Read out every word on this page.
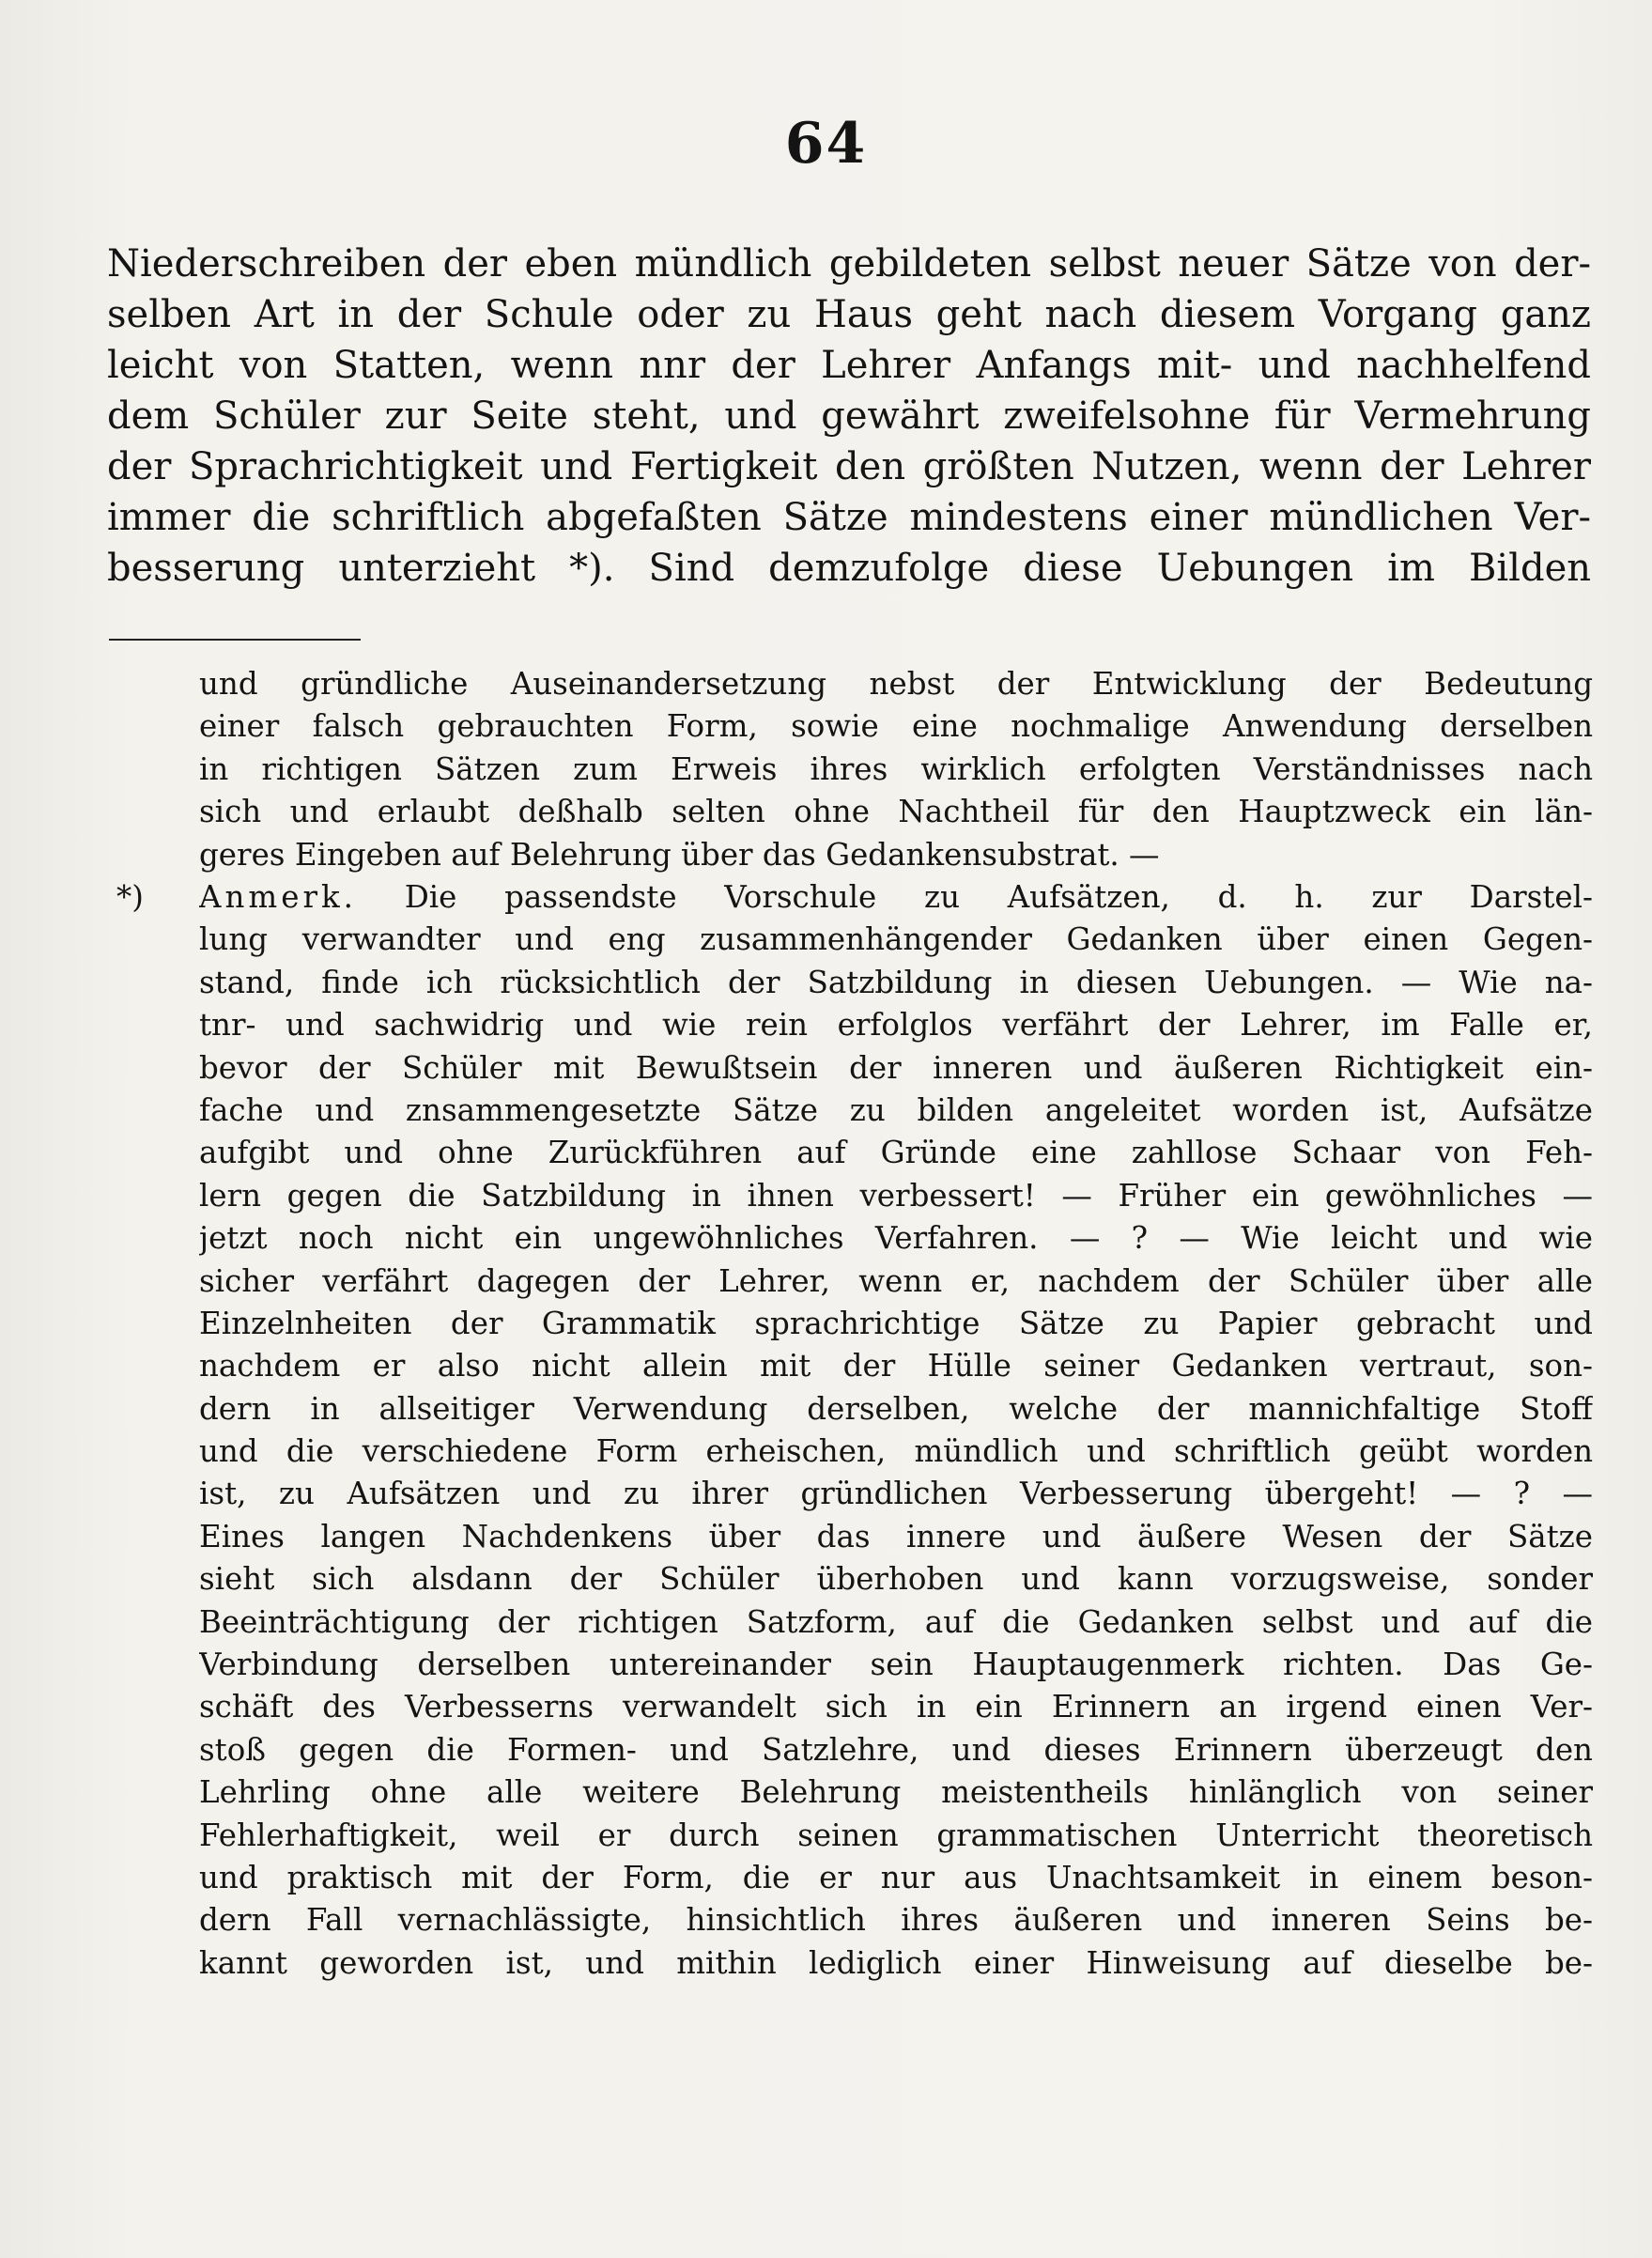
64
Niederschreiben der eben mündlich gebildeten selbst neuer Sätze von der-
selben Art in der Schule oder zu Haus geht nach diesem Vorgang ganz
leicht von Statten, wenn nnr der Lehrer Anfangs mit- und nachhelfend
dem Schüler zur Seite steht, und gewährt zweifelsohne für Vermehrung
der Sprachrichtigkeit und Fertigkeit den größten Nutzen, wenn der Lehrer
immer die schriftlich abgefaßten Sätze mindestens einer mündlichen Ver-
besserung unterzieht *). Sind demzufolge diese Uebungen im Bilden
und gründliche Auseinandersetzung nebst der Entwicklung der Bedeutung
einer falsch gebrauchten Form, sowie eine nochmalige Anwendung derselben
in richtigen Sätzen zum Erweis ihres wirklich erfolgten Verständnisses nach
sich und erlaubt deßhalb selten ohne Nachtheil für den Hauptzweck ein län-
geres Eingeben auf Belehrung über das Gedankensubstrat. —
*) Anmerk. Die passendste Vorschule zu Aufsätzen, d. h. zur Darstel-
lung verwandter und eng zusammenhängender Gedanken über einen Gegen-
stand, finde ich rücksichtlich der Satzbildung in diesen Uebungen. — Wie na-
tnr- und sachwidrig und wie rein erfolglos verfährt der Lehrer, im Falle er,
bevor der Schüler mit Bewußtsein der inneren und äußeren Richtigkeit ein-
fache und znsammengesetzte Sätze zu bilden angeleitet worden ist, Aufsätze
aufgibt und ohne Zurückführen auf Gründe eine zahllose Schaar von Feh-
lern gegen die Satzbildung in ihnen verbessert! — Früher ein gewöhnliches —
jetzt noch nicht ein ungewöhnliches Verfahren. — ? — Wie leicht und wie
sicher verfährt dagegen der Lehrer, wenn er, nachdem der Schüler über alle
Einzelnheiten der Grammatik sprachrichtige Sätze zu Papier gebracht und
nachdem er also nicht allein mit der Hülle seiner Gedanken vertraut, son-
dern in allseitiger Verwendung derselben, welche der mannichfaltige Stoff
und die verschiedene Form erheischen, mündlich und schriftlich geübt worden
ist, zu Aufsätzen und zu ihrer gründlichen Verbesserung übergeht! — ? —
Eines langen Nachdenkens über das innere und äußere Wesen der Sätze
sieht sich alsdann der Schüler überhoben und kann vorzugsweise, sonder
Beeinträchtigung der richtigen Satzform, auf die Gedanken selbst und auf die
Verbindung derselben untereinander sein Hauptaugenmerk richten. Das Ge-
schäft des Verbesserns verwandelt sich in ein Erinnern an irgend einen Ver-
stoß gegen die Formen- und Satzlehre, und dieses Erinnern überzeugt den
Lehrling ohne alle weitere Belehrung meistentheils hinlänglich von seiner
Fehlerhaftigkeit, weil er durch seinen grammatischen Unterricht theoretisch
und praktisch mit der Form, die er nur aus Unachtsamkeit in einem beson-
dern Fall vernachlässigte, hinsichtlich ihres äußeren und inneren Seins be-
kannt geworden ist, und mithin lediglich einer Hinweisung auf dieselbe be-
